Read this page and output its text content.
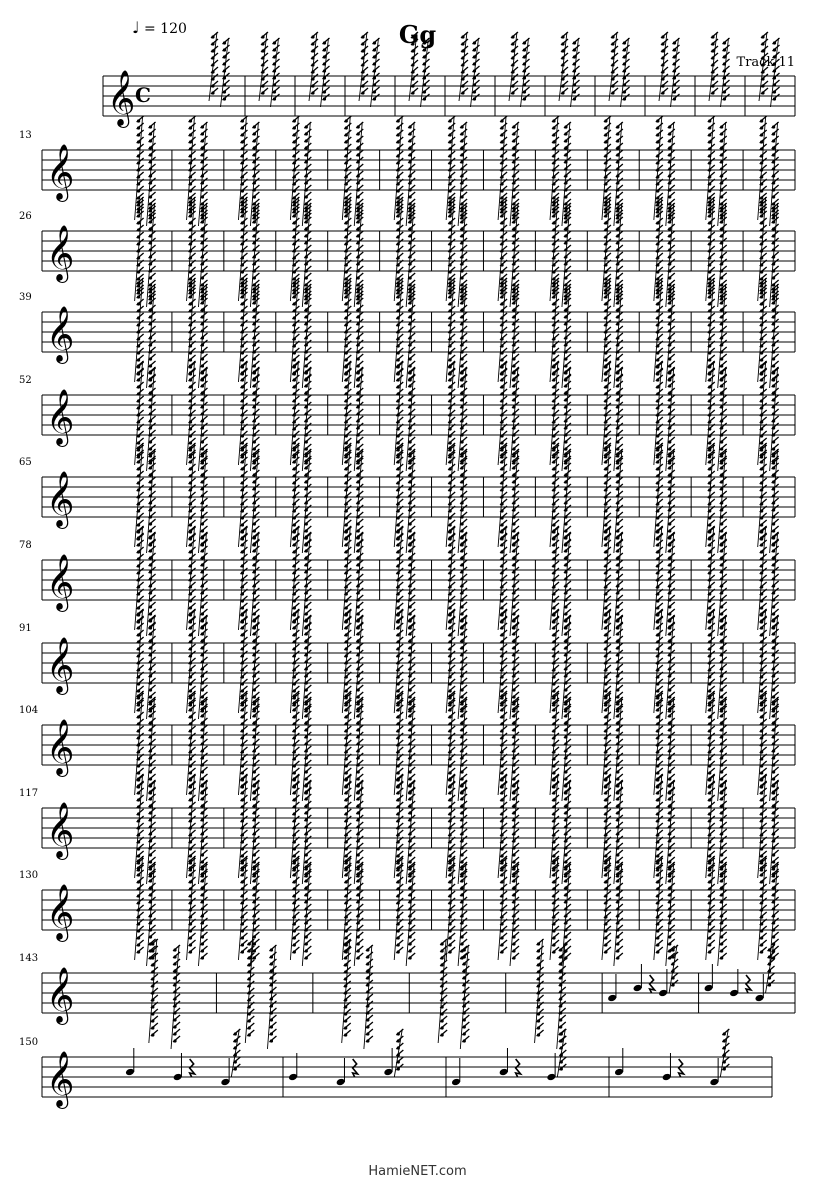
𝄞 C
𝄞
𝄞
𝄞
𝄞
𝄞
𝄞
𝄞
𝄞
𝄞
𝄞
𝄞
𝄞
Gg
♩ = 120
Track 11
13
26
39
52
65
78
91
104
117
130
143
150
HamieNET.com
